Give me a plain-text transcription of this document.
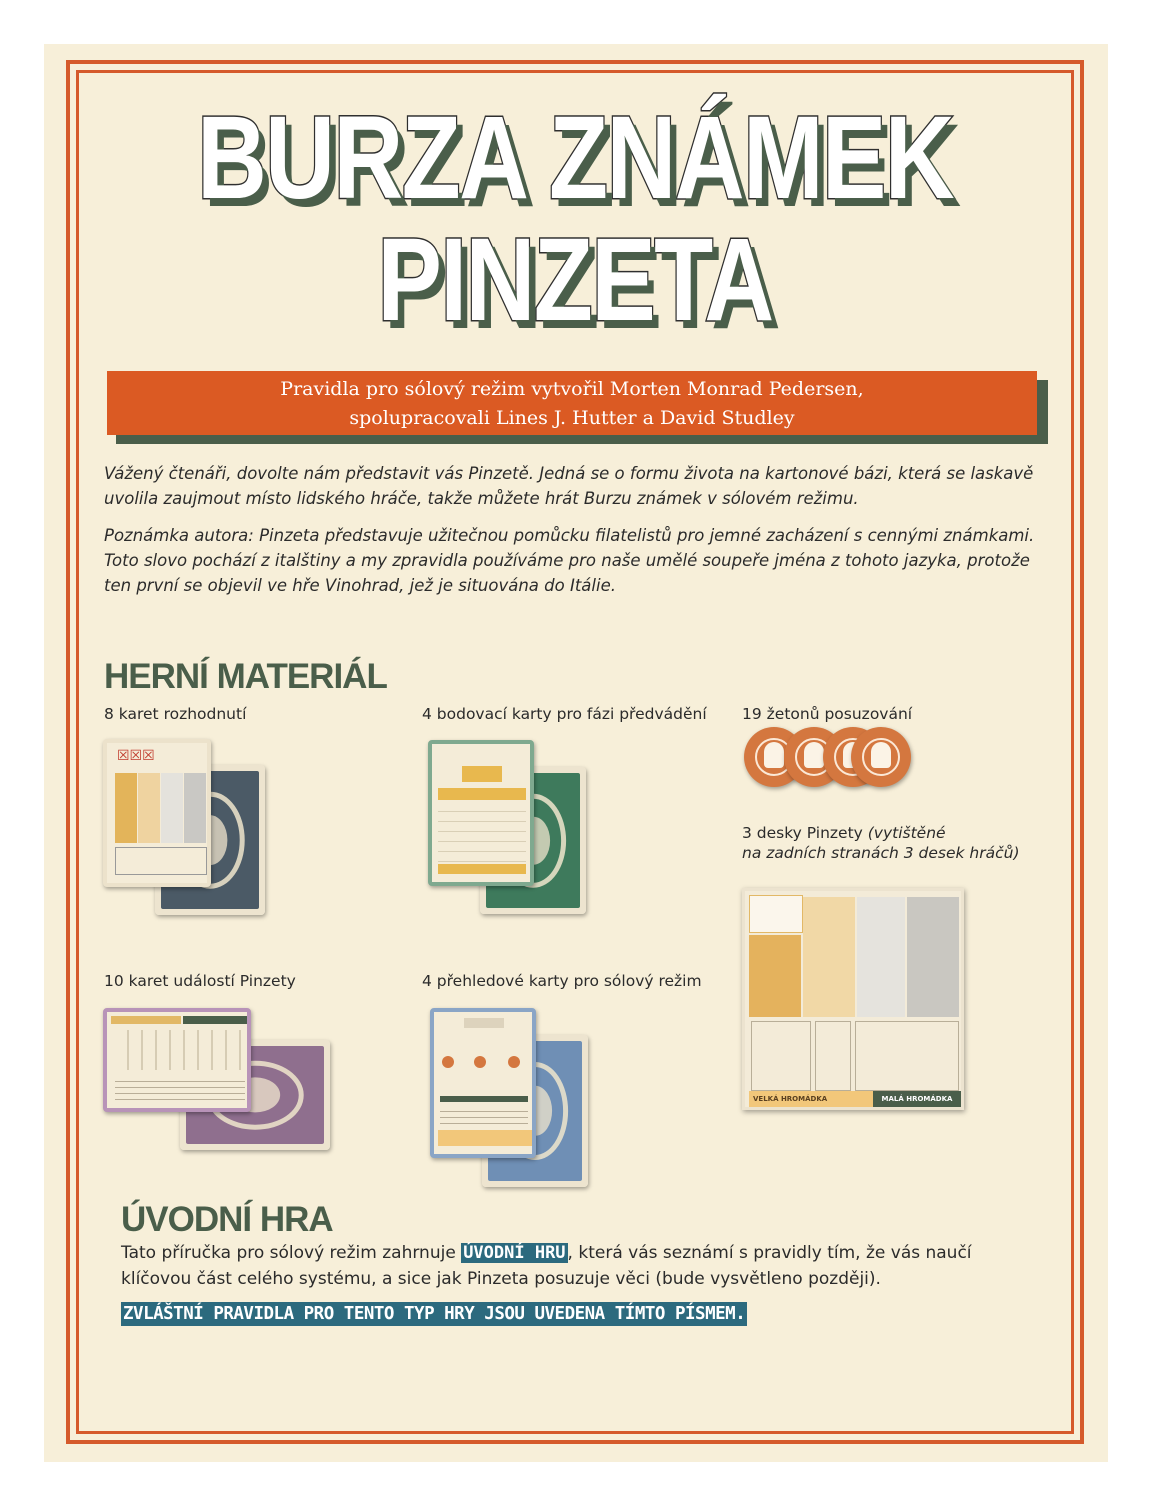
BURZA ZNÁMEK
PINZETA
Pravidla pro sólový režim vytvořil Morten Monrad Pedersen,
spolupracovali Lines J. Hutter a David Studley

Vážený čtenáři, dovolte nám představit vás Pinzetě. Jedná se o formu života na kartonové bázi, která se laskavě uvolila zaujmout místo lidského hráče, takže můžete hrát Burzu známek v sólovém režimu.

Poznámka autora: Pinzeta představuje užitečnou pomůcku filatelistů pro jemné zacházení s cennými známkami. Toto slovo pochází z italštiny a my zpravidla používáme pro naše umělé soupeře jména z tohoto jazyka, protože ten první se objevil ve hře Vinohrad, jež je situována do Itálie.

HERNÍ MATERIÁL
8 karet rozhodnutí	4 bodovací karty pro fázi předvádění 19 žetonů posuzování
3 desky Pinzety (vytištěné
na zadních stranách 3 desek hráčů)
10 karet událostí Pinzety	4 přehledové karty pro sólový režim
☒☒☒
VELKÁ HROMÁDKA	MALÁ HROMÁDKA
ÚVODNÍ HRA
Tato příručka pro sólový režim zahrnuje ÚVODNÍ HRU , která vás seznámí s pravidly tím, že vás naučí klíčovou část celého systému, a sice jak Pinzeta posuzuje věci (bude vysvětleno později).
ZVLÁŠTNÍ PRAVIDLA PRO TENTO TYP HRY JSOU UVEDENA TÍMTO PÍSMEM.
